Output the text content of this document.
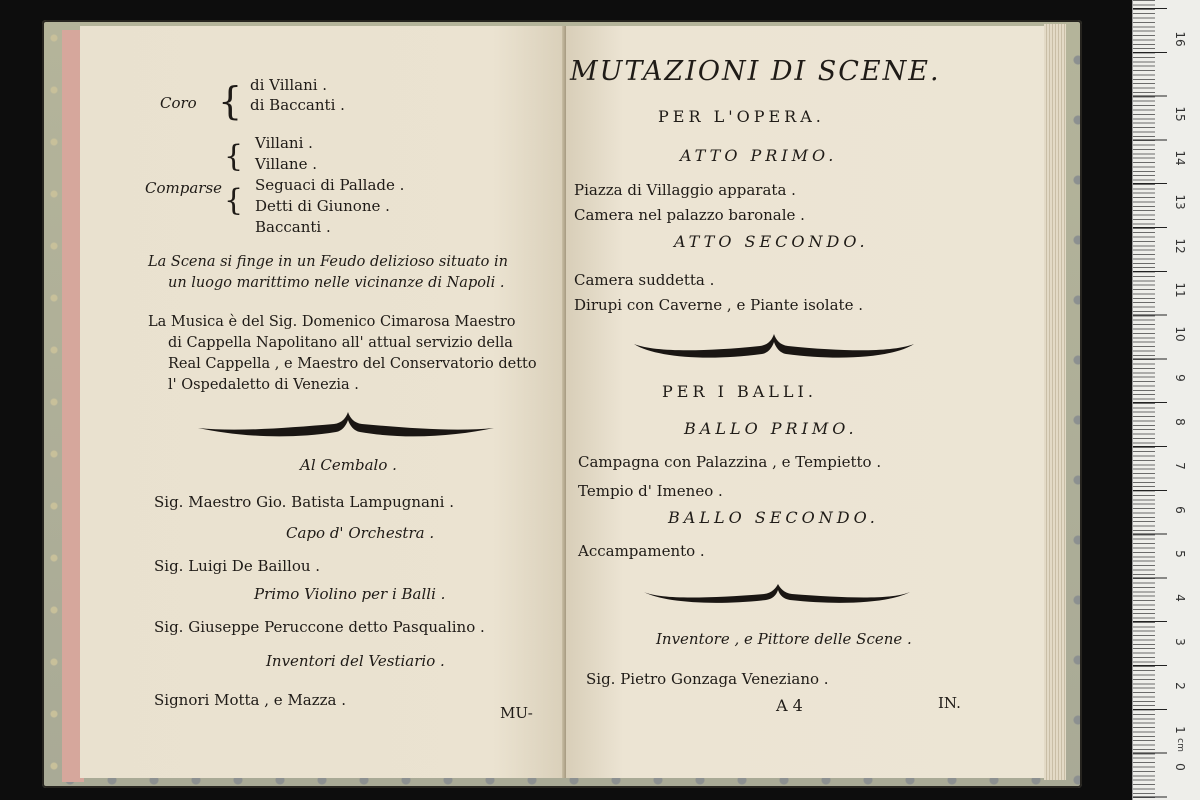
Coro { di Villani .
di Baccanti .
Comparse
{
{
Villani .
Villane .
Seguaci di Pallade .
Detti di Giunone .
Baccanti .
La Scena si finge in un Feudo delizioso situato in
un luogo marittimo nelle vicinanze di Napoli .
La Musica è del Sig. Domenico Cimarosa Maestro
di Cappella Napolitano all' attual servizio della
Real Cappella , e Maestro del Conservatorio detto
l' Ospedaletto di Venezia .
Al Cembalo .
Sig. Maestro Gio. Batista Lampugnani .
Capo d' Orchestra .
Sig. Luigi De Baillou .
Primo Violino per i Balli .
Sig. Giuseppe Peruccone detto Pasqualino .
Inventori del Vestiario .
Signori Motta , e Mazza .
MU-
MUTAZIONI DI SCENE.
PER L'OPERA.
ATTO PRIMO.
Piazza di Villaggio apparata .
Camera nel palazzo baronale .
ATTO SECONDO.
Camera suddetta .
Dirupi con Caverne , e Piante isolate .
PER I BALLI.
BALLO PRIMO.
Campagna con Palazzina , e Tempietto .
Tempio d' Imeneo .
BALLO SECONDO.
Accampamento .
Inventore , e Pittore delle Scene .
Sig. Pietro Gonzaga Veneziano .
A 4	IN.
0
1
2
3
4
5
6
7
8
9
10
11
12
13
14
15
16
cm
